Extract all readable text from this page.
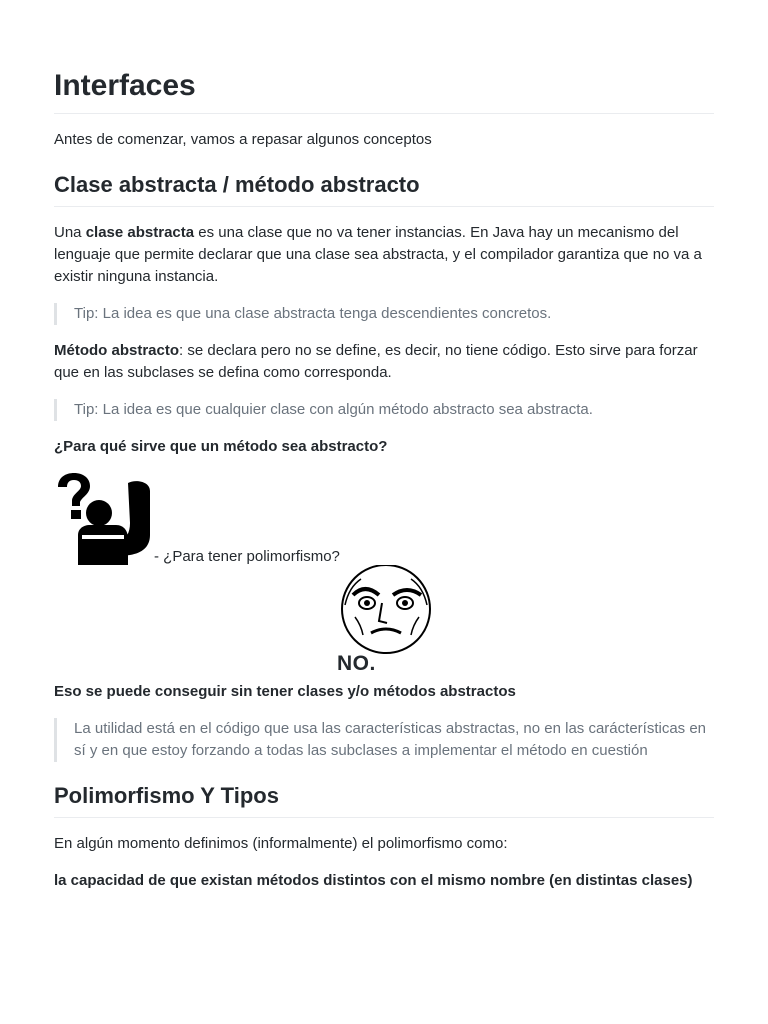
Interfaces

Antes de comenzar, vamos a repasar algunos conceptos

Clase abstracta / método abstracto

Una clase abstracta es una clase que no va tener instancias. En Java hay un mecanismo del lenguaje que permite declarar que una clase sea abstracta, y el compilador garantiza que no va a existir ninguna instancia.

Tip: La idea es que una clase abstracta tenga descendientes concretos.

Método abstracto: se declara pero no se define, es decir, no tiene código. Esto sirve para forzar que en las subclases se defina como corresponda.

Tip: La idea es que cualquier clase con algún método abstracto sea abstracta.

¿Para qué sirve que un método sea abstracto?

- ¿Para tener polimorfismo?
NO.

Eso se puede conseguir sin tener clases y/o métodos abstractos

La utilidad está en el código que usa las características abstractas, no en las carácterísticas en sí y en que estoy forzando a todas las subclases a implementar el método en cuestión
Polimorfismo Y Tipos

En algún momento definimos (informalmente) el polimorfismo como:

la capacidad de que existan métodos distintos con el mismo nombre (en distintas clases)
